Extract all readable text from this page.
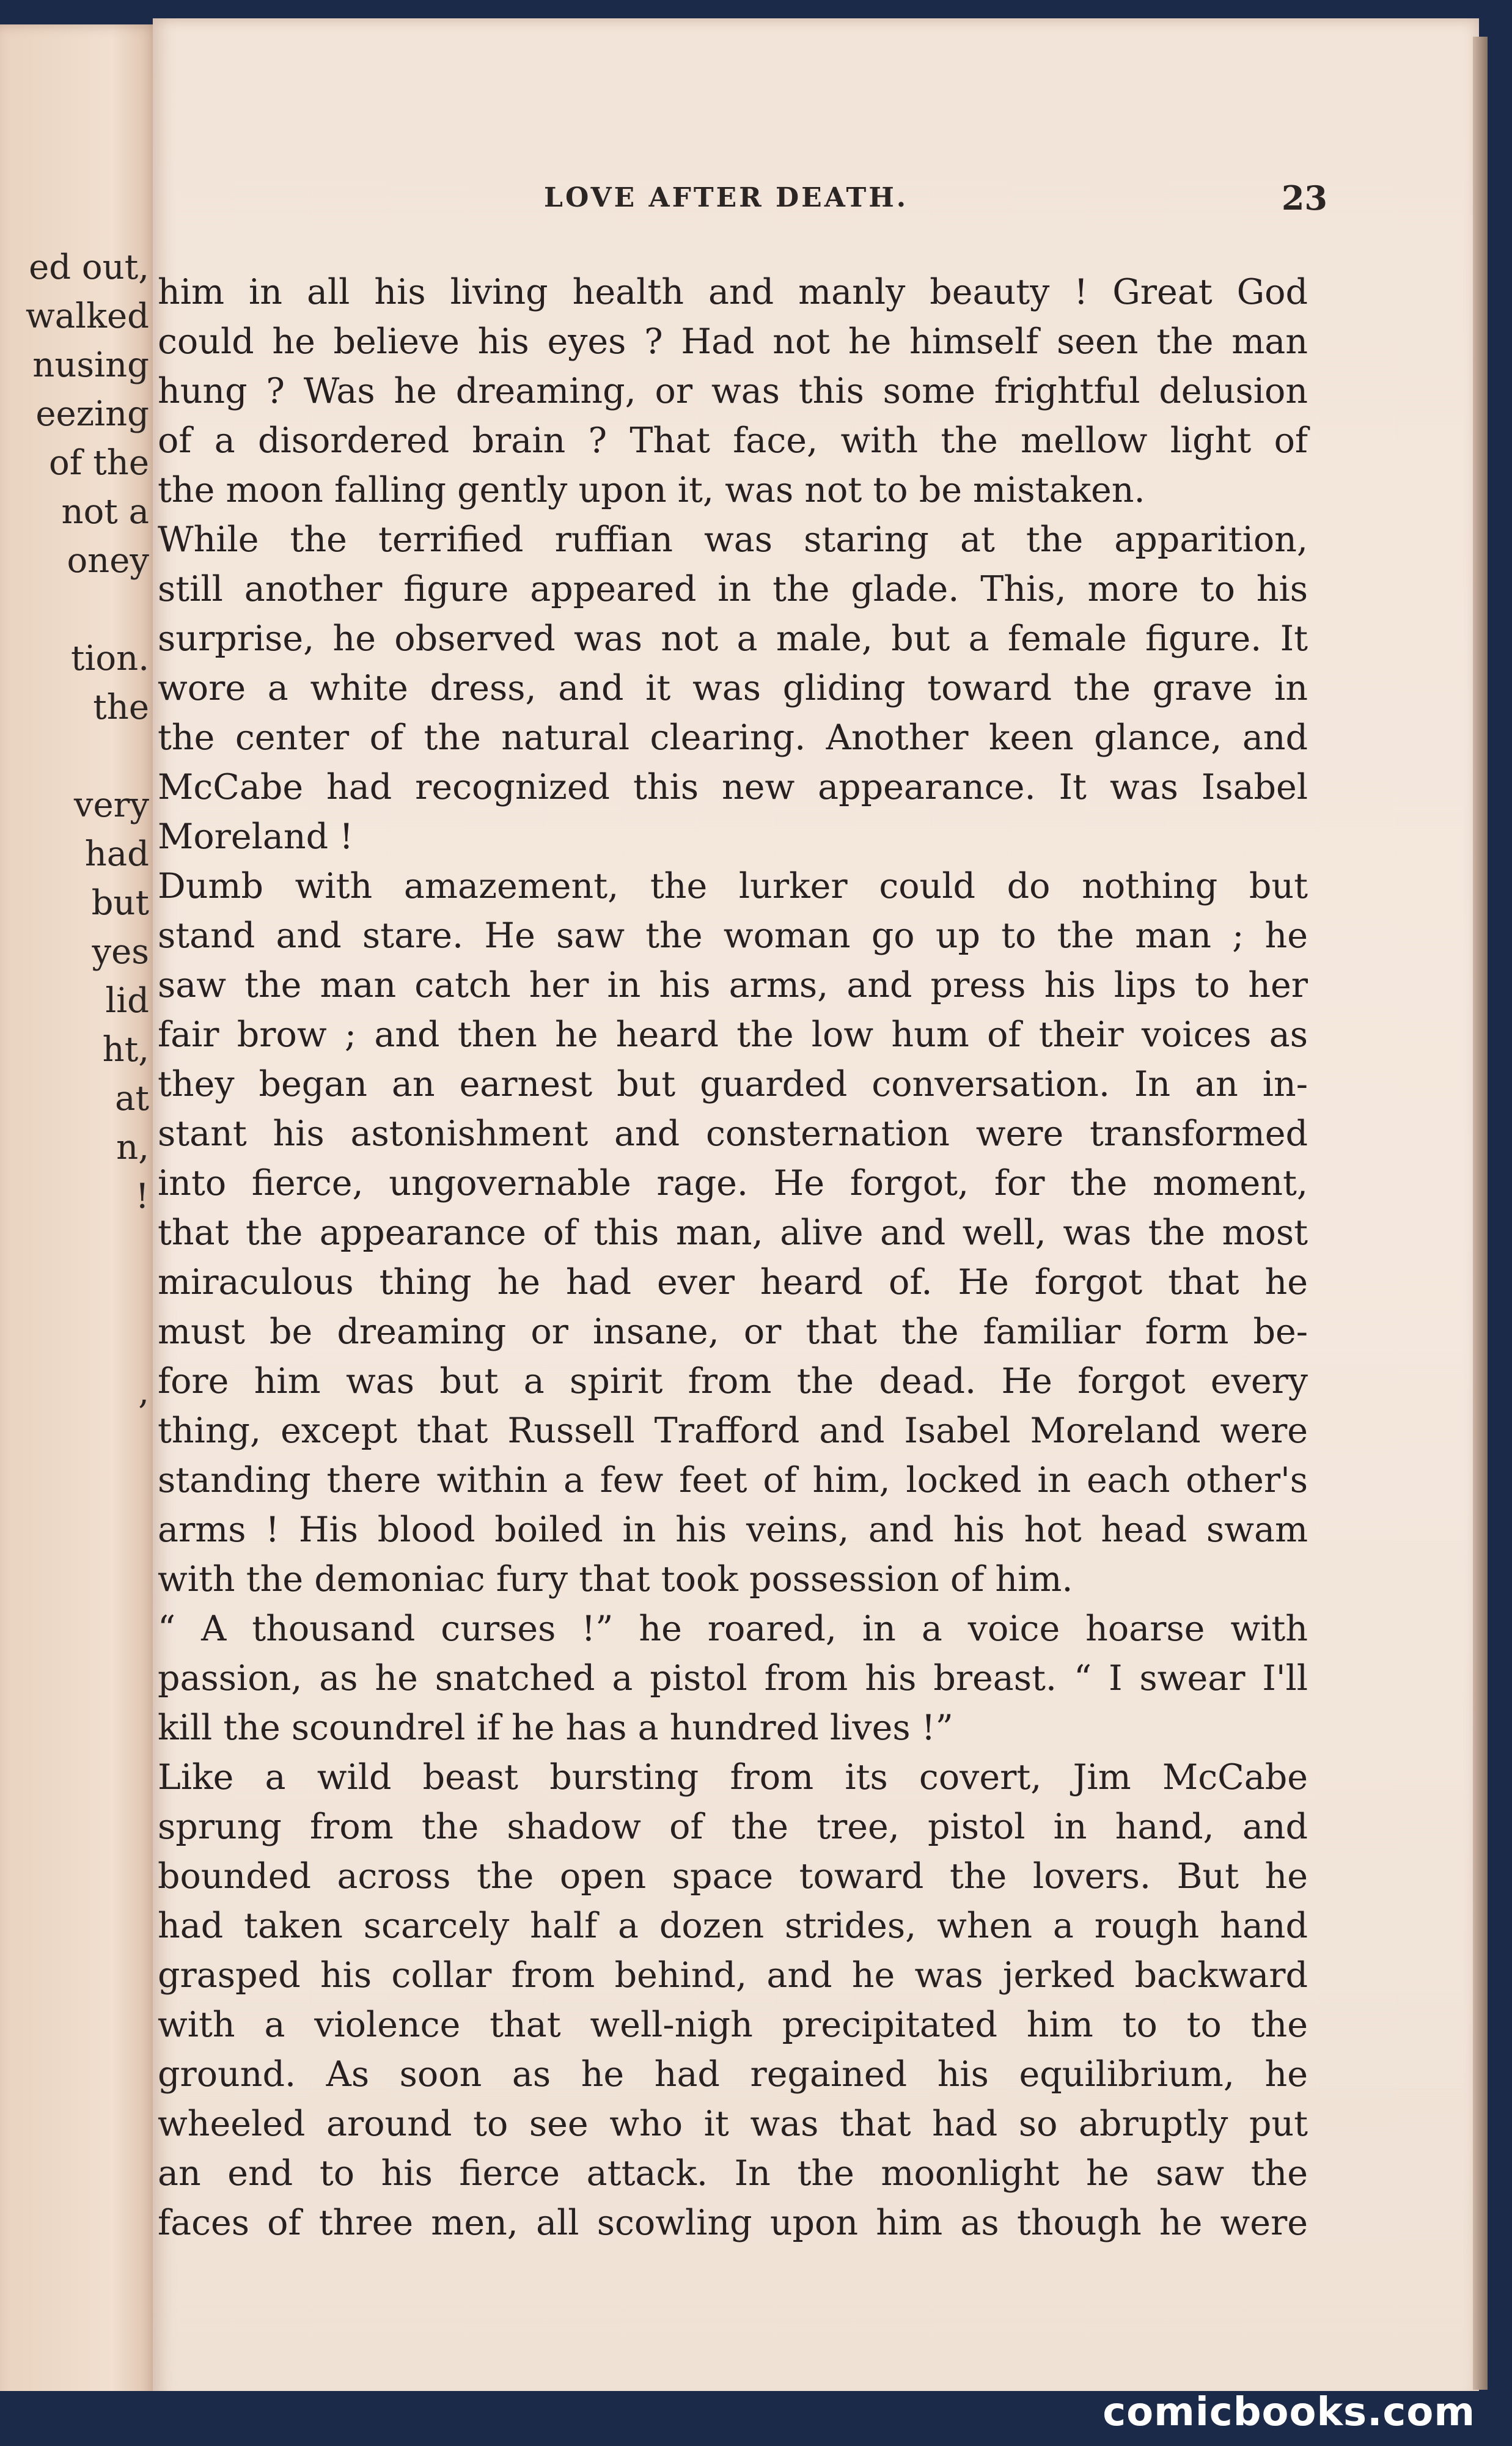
ed out,
walked
nusing
eezing
of the
not a
oney
tion.
the
very
had
but
yes
lid
ht,
at
n,
!
,
LOVE AFTER DEATH.	23
him in all his living health and manly beauty ! Great God
could he believe his eyes ? Had not he himself seen the man
hung ? Was he dreaming, or was this some frightful delusion
of a disordered brain ? That face, with the mellow light of
the moon falling gently upon it, was not to be mistaken.
While the terrified ruffian was staring at the apparition,
still another figure appeared in the glade. This, more to his
surprise, he observed was not a male, but a female figure. It
wore a white dress, and it was gliding toward the grave in
the center of the natural clearing. Another keen glance, and
McCabe had recognized this new appearance. It was Isabel
Moreland !
Dumb with amazement, the lurker could do nothing but
stand and stare. He saw the woman go up to the man ; he
saw the man catch her in his arms, and press his lips to her
fair brow ; and then he heard the low hum of their voices as
they began an earnest but guarded conversation. In an in-
stant his astonishment and consternation were transformed
into fierce, ungovernable rage. He forgot, for the moment,
that the appearance of this man, alive and well, was the most
miraculous thing he had ever heard of. He forgot that he
must be dreaming or insane, or that the familiar form be-
fore him was but a spirit from the dead. He forgot every
thing, except that Russell Trafford and Isabel Moreland were
standing there within a few feet of him, locked in each other's
arms ! His blood boiled in his veins, and his hot head swam
with the demoniac fury that took possession of him.
“ A thousand curses !” he roared, in a voice hoarse with
passion, as he snatched a pistol from his breast. “ I swear I'll
kill the scoundrel if he has a hundred lives !”
Like a wild beast bursting from its covert, Jim McCabe
sprung from the shadow of the tree, pistol in hand, and
bounded across the open space toward the lovers. But he
had taken scarcely half a dozen strides, when a rough hand
grasped his collar from behind, and he was jerked backward
with a violence that well-nigh precipitated him to to the
ground. As soon as he had regained his equilibrium, he
wheeled around to see who it was that had so abruptly put
an end to his fierce attack. In the moonlight he saw the
faces of three men, all scowling upon him as though he were
comicbooks.com
